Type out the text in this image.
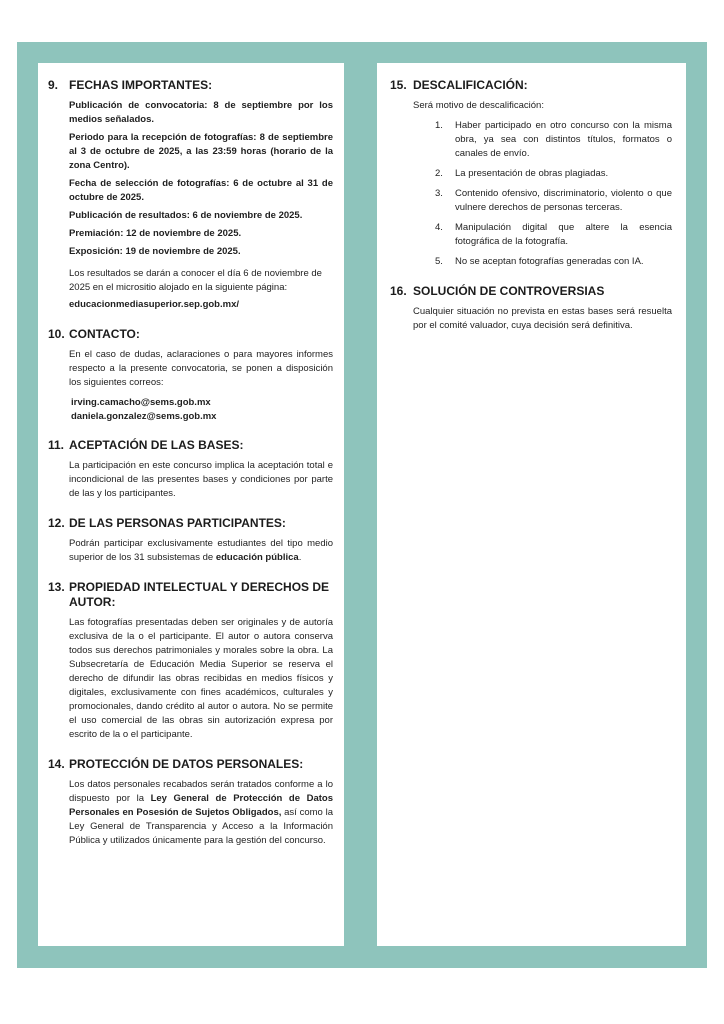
9. FECHAS IMPORTANTES:

Publicación de convocatoria: 8 de septiembre por los medios señalados.

Periodo para la recepción de fotografías: 8 de septiembre al 3 de octubre de 2025, a las 23:59 horas (horario de la zona Centro).

Fecha de selección de fotografías: 6 de octubre al 31 de octubre de 2025.

Publicación de resultados: 6 de noviembre de 2025.

Premiación: 12 de noviembre de 2025.

Exposición: 19 de noviembre de 2025.

Los resultados se darán a conocer el día 6 de noviembre de 2025 en el micrositio alojado en la siguiente página:

educacionmediasuperior.sep.gob.mx/
10. CONTACTO:

En el caso de dudas, aclaraciones o para mayores informes respecto a la presente convocatoria, se ponen a disposición los siguientes correos:

irving.camacho@sems.gob.mx
daniela.gonzalez@sems.gob.mx
11. ACEPTACIÓN DE LAS BASES:

La participación en este concurso implica la aceptación total e incondicional de las presentes bases y condiciones por parte de las y los participantes.

12. DE LAS PERSONAS PARTICIPANTES:

Podrán participar exclusivamente estudiantes del tipo medio superior de los 31 subsistemas de educación pública.

13. PROPIEDAD INTELECTUAL Y DERECHOS DE AUTOR:

Las fotografías presentadas deben ser originales y de autoría exclusiva de la o el participante. El autor o autora conserva todos sus derechos patrimoniales y morales sobre la obra. La Subsecretaría de Educación Media Superior se reserva el derecho de difundir las obras recibidas en medios físicos y digitales, exclusivamente con fines académicos, culturales y promocionales, dando crédito al autor o autora. No se permite el uso comercial de las obras sin autorización expresa por escrito de la o el participante.

14. PROTECCIÓN DE DATOS PERSONALES:

Los datos personales recabados serán tratados conforme a lo dispuesto por la Ley General de Protección de Datos Personales en Posesión de Sujetos Obligados, así como la Ley General de Transparencia y Acceso a la Información Pública y utilizados únicamente para la gestión del concurso.

15. DESCALIFICACIÓN:

Será motivo de descalificación:

1.	Haber participado en otro concurso con la misma obra, ya sea con distintos títulos, formatos o canales de envío.
2.	La presentación de obras plagiadas.
3.	Contenido ofensivo, discriminatorio, violento o que vulnere derechos de personas terceras.
4.	Manipulación digital que altere la esencia fotográfica de la fotografía.
5.	No se aceptan fotografías generadas con IA.
16. SOLUCIÓN DE CONTROVERSIAS

Cualquier situación no prevista en estas bases será resuelta por el comité valuador, cuya decisión será definitiva.
